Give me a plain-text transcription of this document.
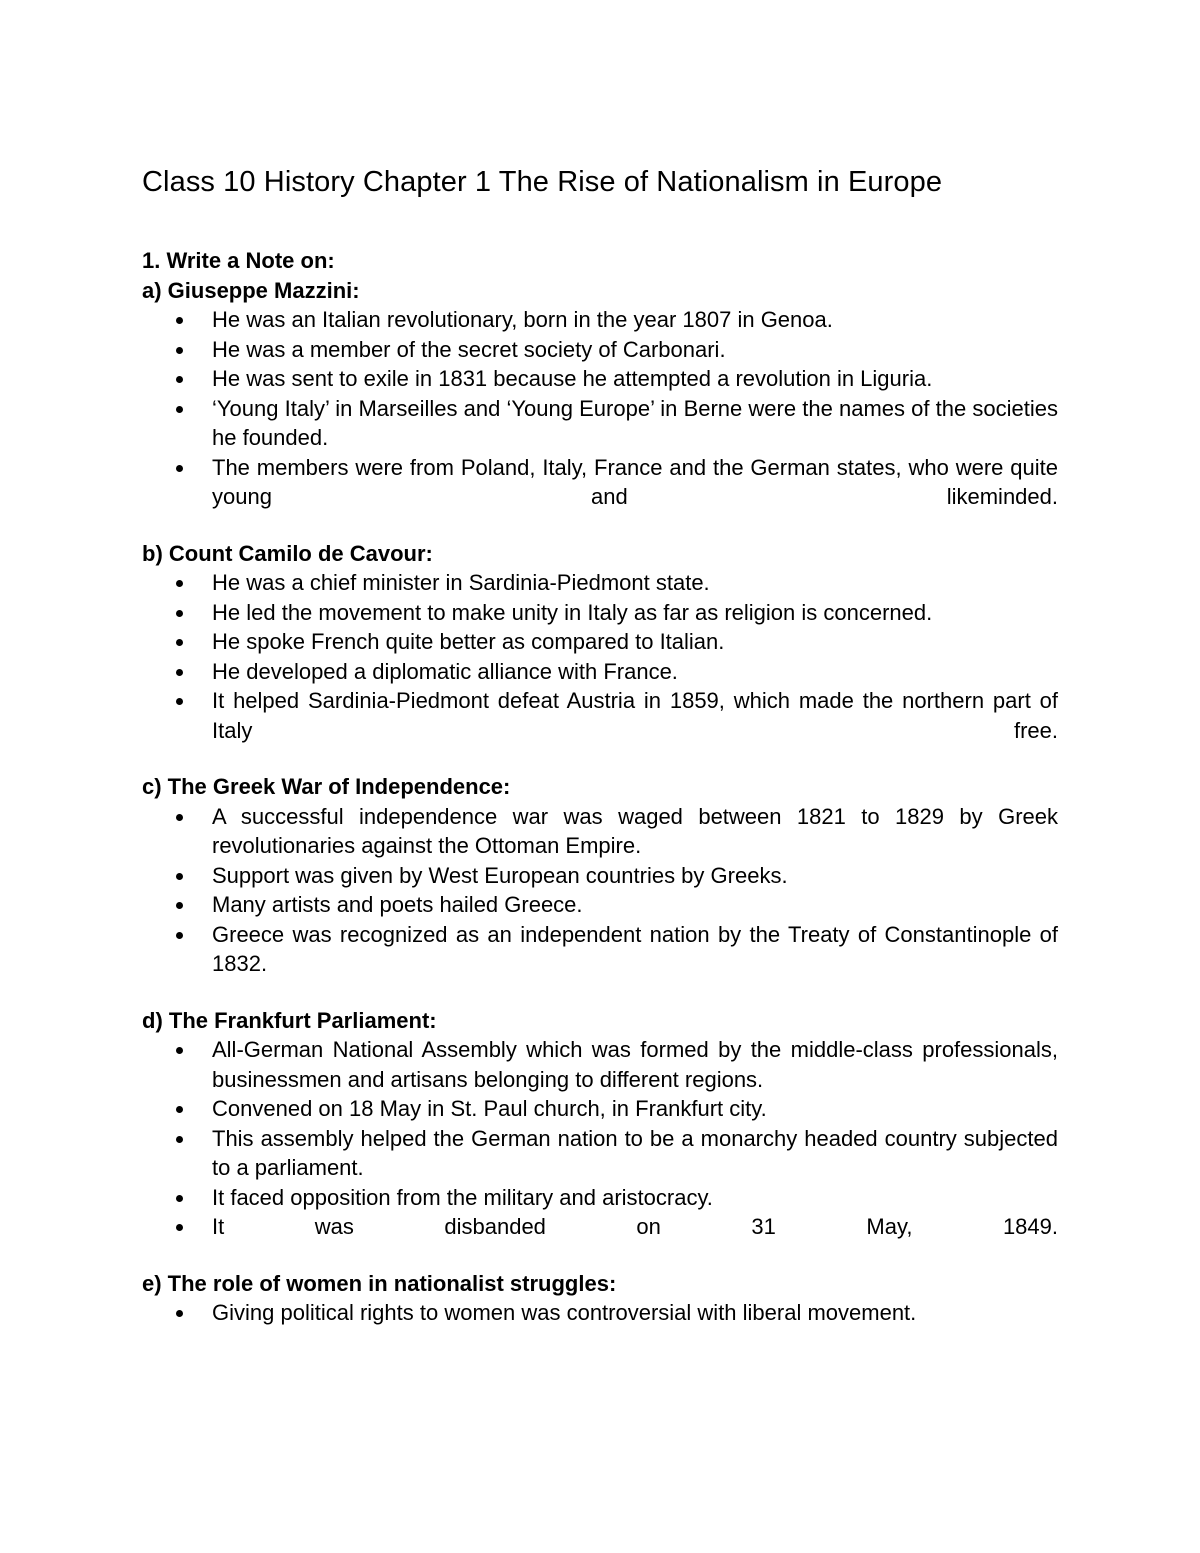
Class 10 History Chapter 1 The Rise of Nationalism in Europe
1. Write a Note on:
a) Giuseppe Mazzini:
He was an Italian revolutionary, born in the year 1807 in Genoa.
He was a member of the secret society of Carbonari.
He was sent to exile in 1831 because he attempted a revolution in Liguria.
‘Young Italy’ in Marseilles and ‘Young Europe’ in Berne were the names of the societies he founded.
The members were from Poland, Italy, France and the German states, who were quite young and likeminded.
b) Count Camilo de Cavour:
He was a chief minister in Sardinia-Piedmont state.
He led the movement to make unity in Italy as far as religion is concerned.
He spoke French quite better as compared to Italian.
He developed a diplomatic alliance with France.
It helped Sardinia-Piedmont defeat Austria in 1859, which made the northern part of Italy free.
c) The Greek War of Independence:
A successful independence war was waged between 1821 to 1829 by Greek revolutionaries against the Ottoman Empire.
Support was given by West European countries by Greeks.
Many artists and poets hailed Greece.
Greece was recognized as an independent nation by the Treaty of Constantinople of 1832.
d) The Frankfurt Parliament:
All-German National Assembly which was formed by the middle-class professionals, businessmen and artisans belonging to different regions.
Convened on 18 May in St. Paul church, in Frankfurt city.
This assembly helped the German nation to be a monarchy headed country subjected to a parliament.
It faced opposition from the military and aristocracy.
It was disbanded on 31 May, 1849.
e) The role of women in nationalist struggles:
Giving political rights to women was controversial with liberal movement.
